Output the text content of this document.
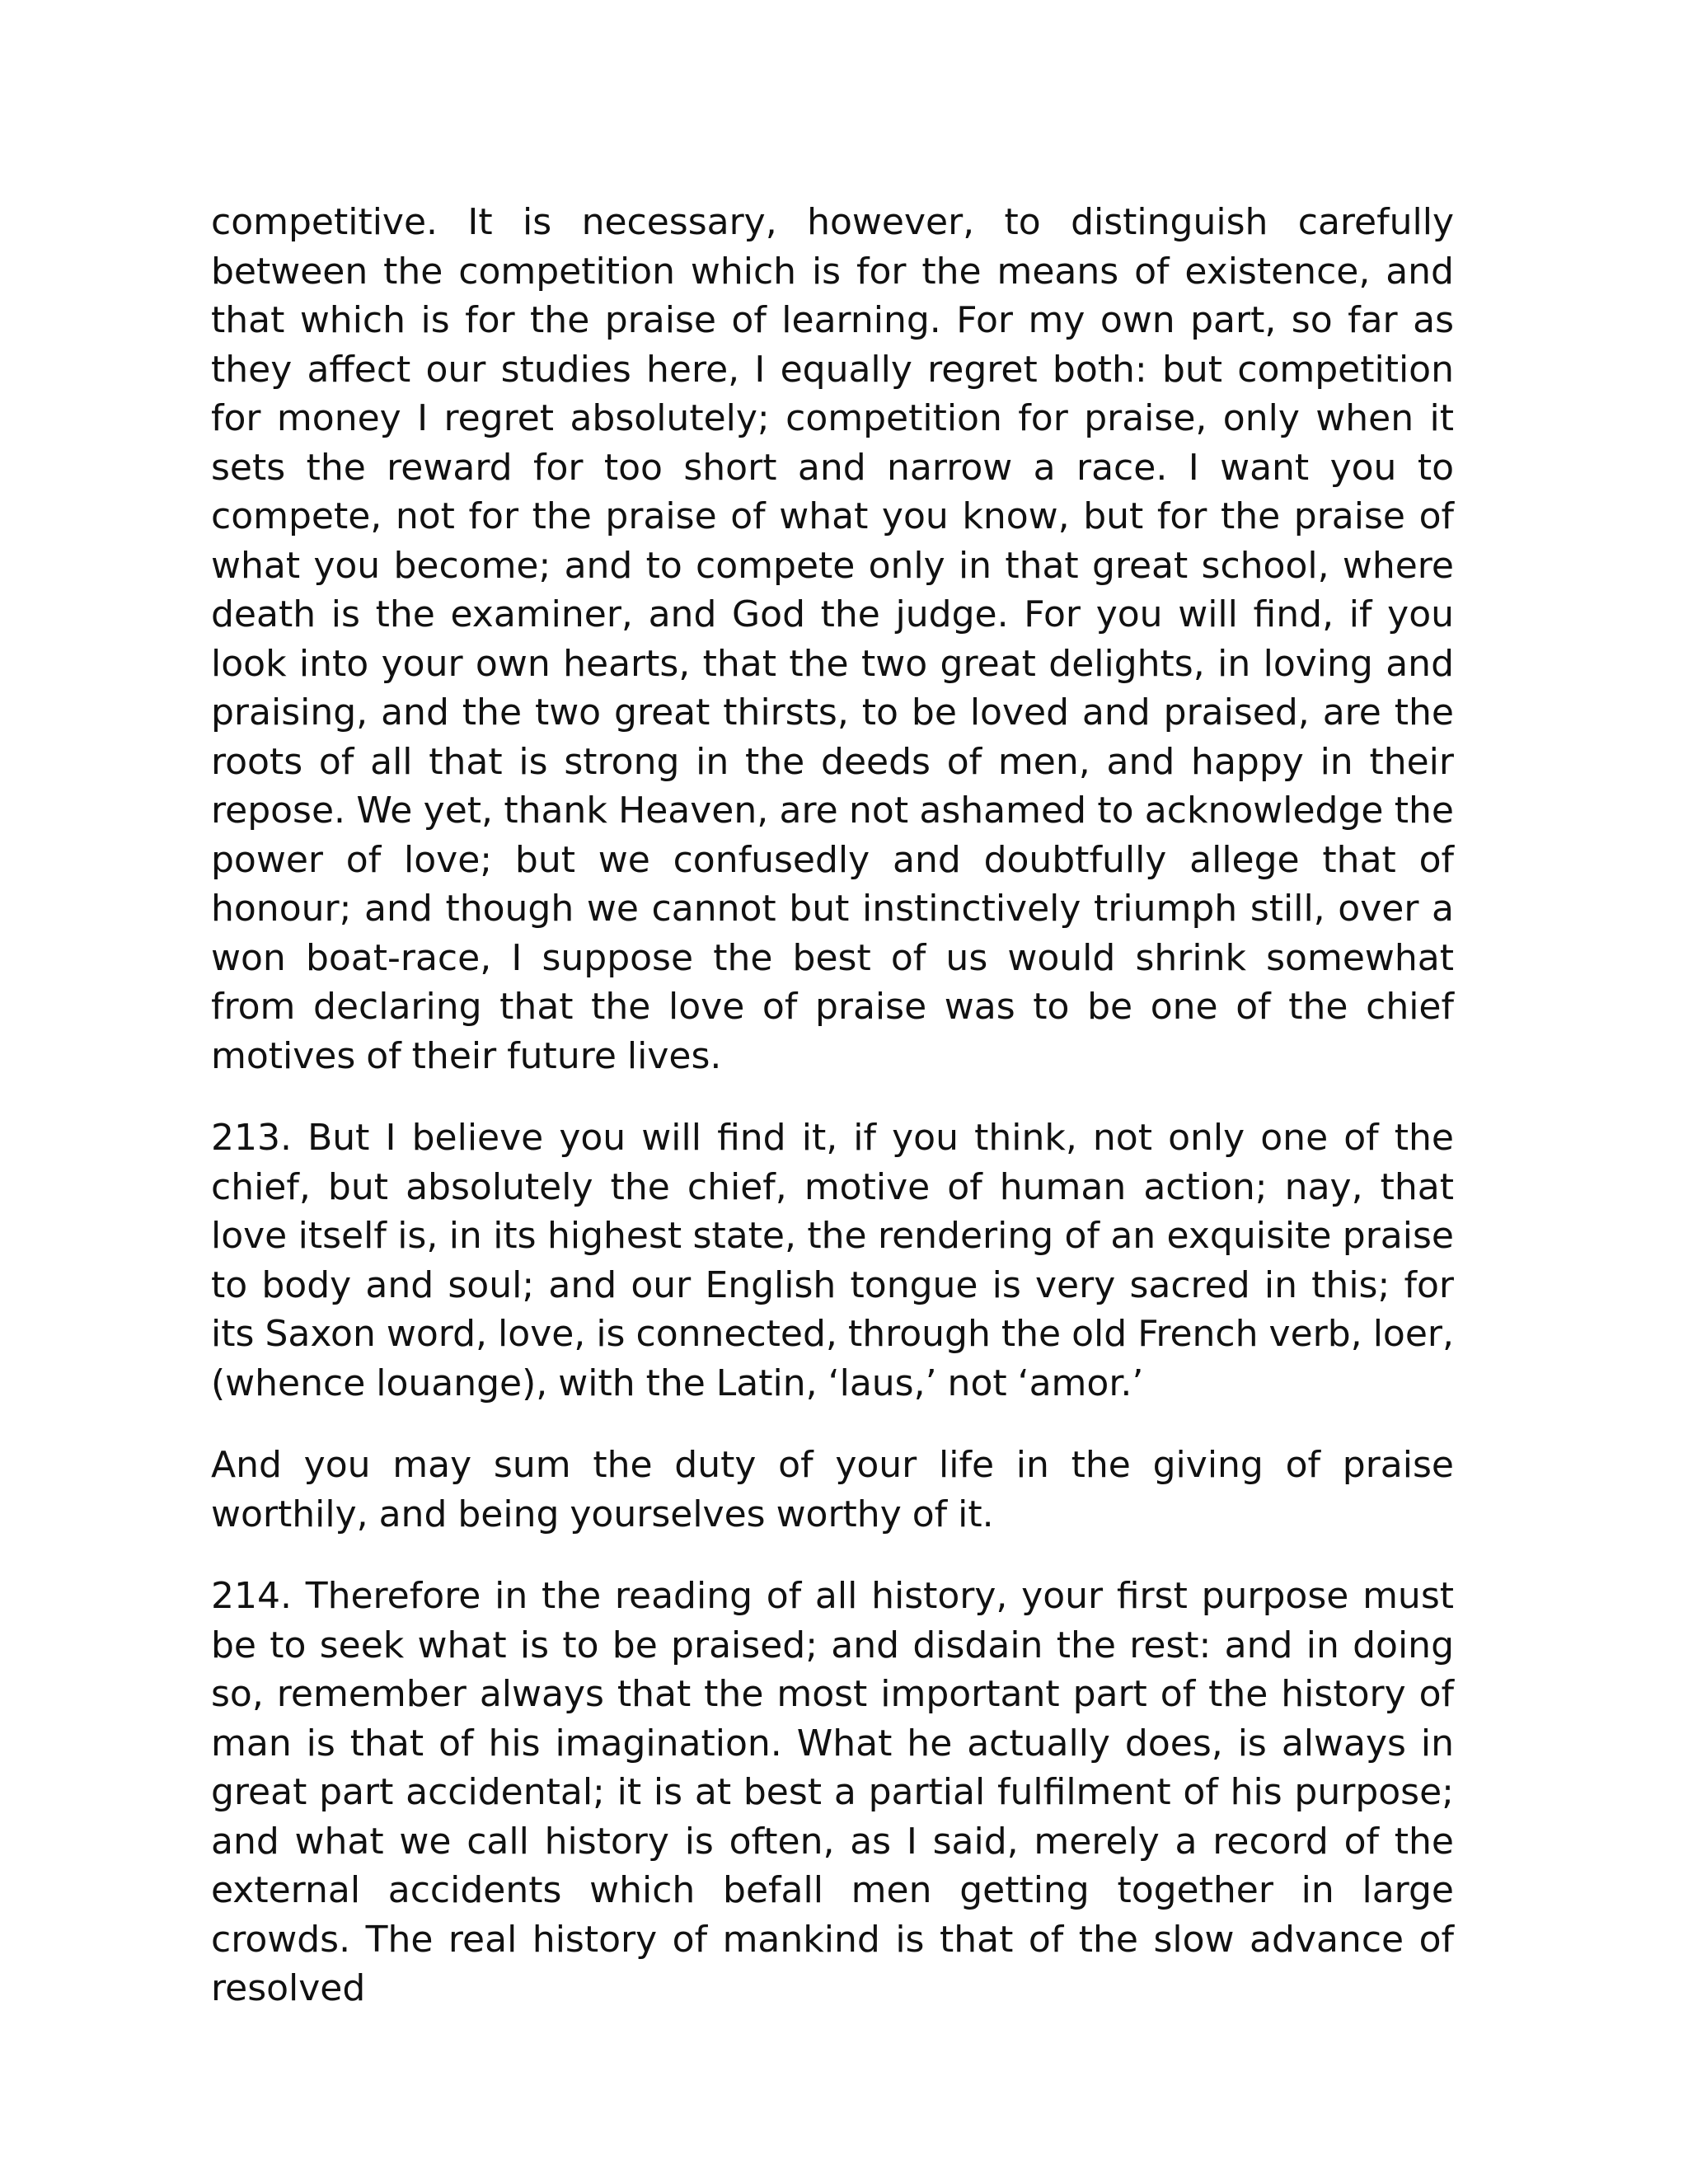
competitive. It is necessary, however, to distinguish carefully between the competition which is for the means of existence, and that which is for the praise of learning. For my own part, so far as they affect our studies here, I equally regret both: but competition for money I regret absolutely; competition for praise, only when it sets the reward for too short and narrow a race. I want you to compete, not for the praise of what you know, but for the praise of what you become; and to compete only in that great school, where death is the examiner, and God the judge. For you will find, if you look into your own hearts, that the two great delights, in loving and praising, and the two great thirsts, to be loved and praised, are the roots of all that is strong in the deeds of men, and happy in their repose. We yet, thank Heaven, are not ashamed to acknowledge the power of love; but we confusedly and doubtfully allege that of honour; and though we cannot but instinctively triumph still, over a won boat-race, I suppose the best of us would shrink somewhat from declaring that the love of praise was to be one of the chief motives of their future lives.

213. But I believe you will find it, if you think, not only one of the chief, but absolutely the chief, motive of human action; nay, that love itself is, in its highest state, the rendering of an exquisite praise to body and soul; and our English tongue is very sacred in this; for its Saxon word, love, is connected, through the old French verb, loer, (whence louange), with the Latin, ‘laus,’ not ‘amor.’

And you may sum the duty of your life in the giving of praise worthily, and being yourselves worthy of it.

214. Therefore in the reading of all history, your first purpose must be to seek what is to be praised; and disdain the rest: and in doing so, remember always that the most important part of the history of man is that of his imagination. What he actually does, is always in great part accidental; it is at best a partial fulfilment of his purpose; and what we call history is often, as I said, merely a record of the external accidents which befall men getting together in large crowds. The real history of mankind is that of the slow advance of resolved
